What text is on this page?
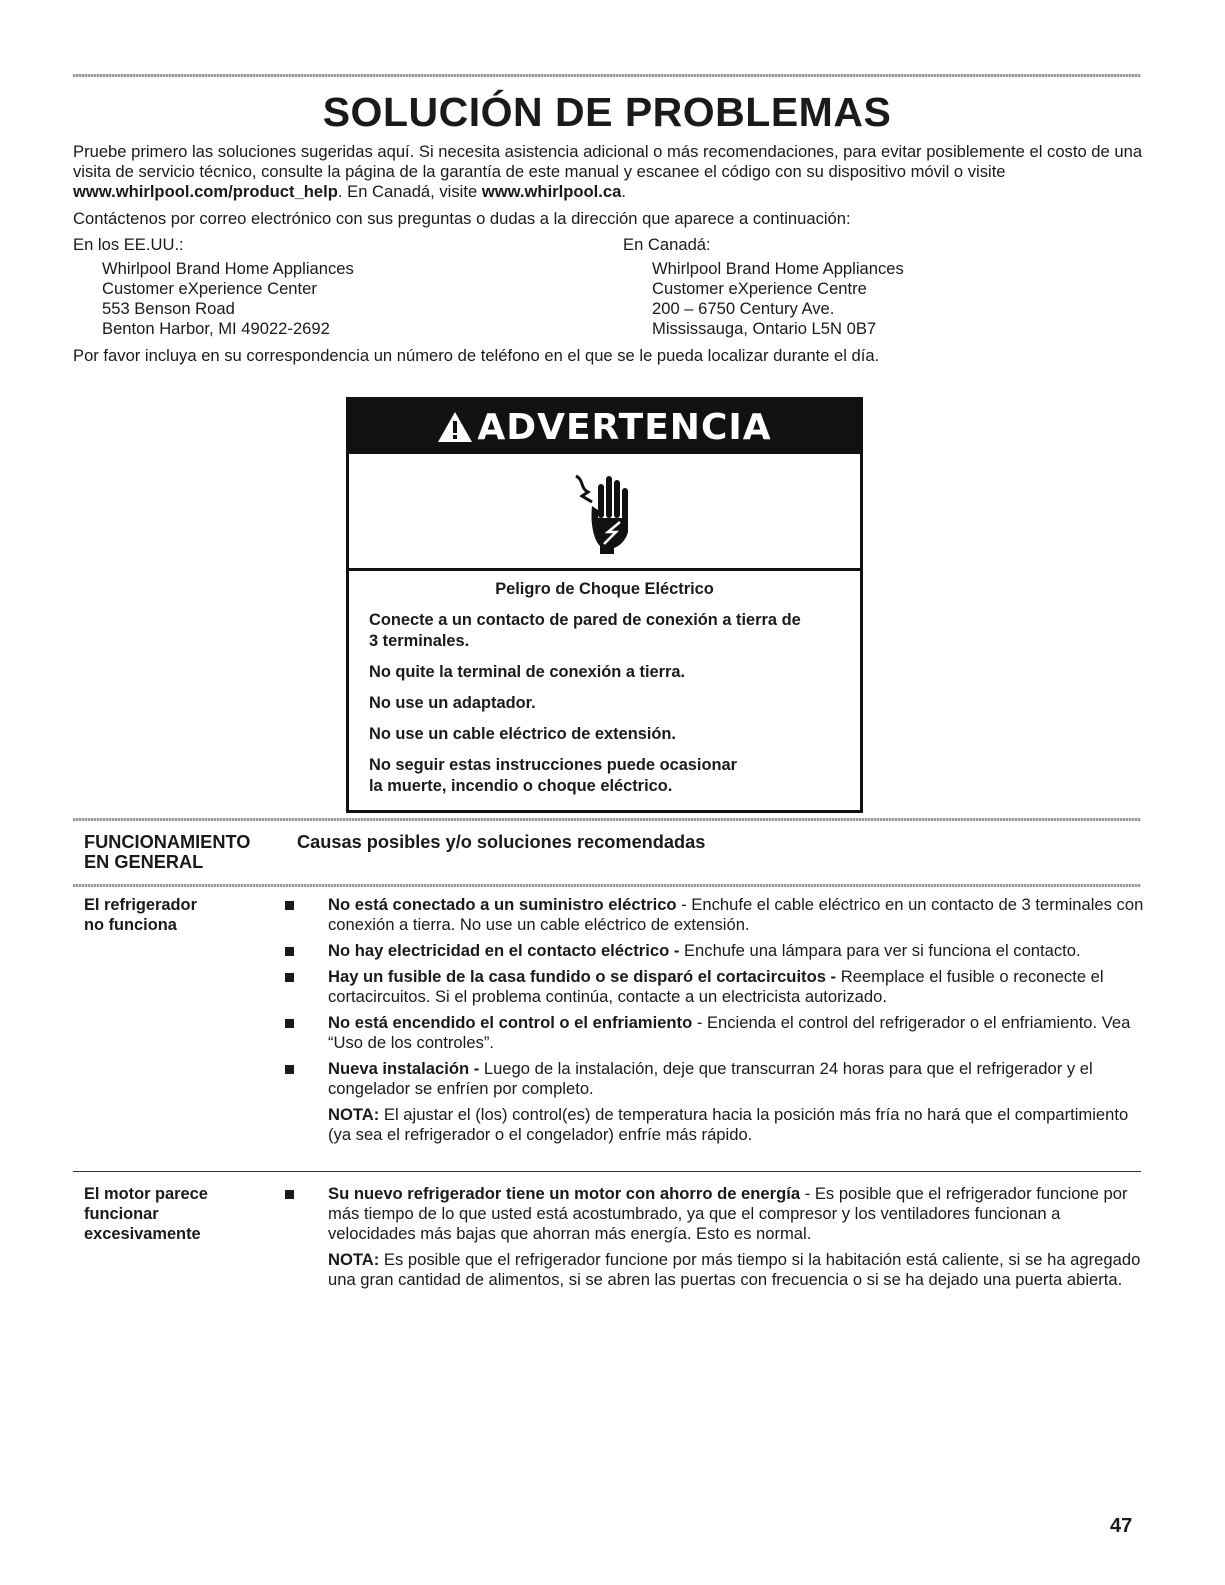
SOLUCIÓN DE PROBLEMAS

Pruebe primero las soluciones sugeridas aquí. Si necesita asistencia adicional o más recomendaciones, para evitar posiblemente el costo de una visita de servicio técnico, consulte la página de la garantía de este manual y escanee el código con su dispositivo móvil o visite www.whirlpool.com/product_help. En Canadá, visite www.whirlpool.ca.

Contáctenos por correo electrónico con sus preguntas o dudas a la dirección que aparece a continuación:

En los EE.UU.:

Whirlpool Brand Home Appliances

Customer eXperience Center

553 Benson Road

Benton Harbor, MI 49022-2692

En Canadá:

Whirlpool Brand Home Appliances

Customer eXperience Centre

200 – 6750 Century Ave.

Mississauga, Ontario L5N 0B7

Por favor incluya en su correspondencia un número de teléfono en el que se le pueda localizar durante el día.

ADVERTENCIA

Peligro de Choque Eléctrico

Conecte a un contacto de pared de conexión a tierra de
3 terminales.

No quite la terminal de conexión a tierra.

No use un adaptador.

No use un cable eléctrico de extensión.

No seguir estas instrucciones puede ocasionar
la muerte, incendio o choque eléctrico.

FUNCIONAMIENTO
EN GENERAL

Causas posibles y/o soluciones recomendadas

El refrigerador
no funciona

No está conectado a un suministro eléctrico - Enchufe el cable eléctrico en un contacto de 3 terminales con conexión a tierra. No use un cable eléctrico de extensión.
No hay electricidad en el contacto eléctrico - Enchufe una lámpara para ver si funciona el contacto.
Hay un fusible de la casa fundido o se disparó el cortacircuitos - Reemplace el fusible o reconecte el cortacircuitos. Si el problema continúa, contacte a un electricista autorizado.
No está encendido el control o el enfriamiento - Encienda el control del refrigerador o el enfriamiento. Vea “Uso de los controles”.
Nueva instalación - Luego de la instalación, deje que transcurran 24 horas para que el refrigerador y el congelador se enfríen por completo.

NOTA: El ajustar el (los) control(es) de temperatura hacia la posición más fría no hará que el compartimiento (ya sea el refrigerador o el congelador) enfríe más rápido.

El motor parece
funcionar
excesivamente

Su nuevo refrigerador tiene un motor con ahorro de energía - Es posible que el refrigerador funcione por más tiempo de lo que usted está acostumbrado, ya que el compresor y los ventiladores funcionan a velocidades más bajas que ahorran más energía. Esto es normal.

NOTA: Es posible que el refrigerador funcione por más tiempo si la habitación está caliente, si se ha agregado una gran cantidad de alimentos, si se abren las puertas con frecuencia o si se ha dejado una puerta abierta.

47
